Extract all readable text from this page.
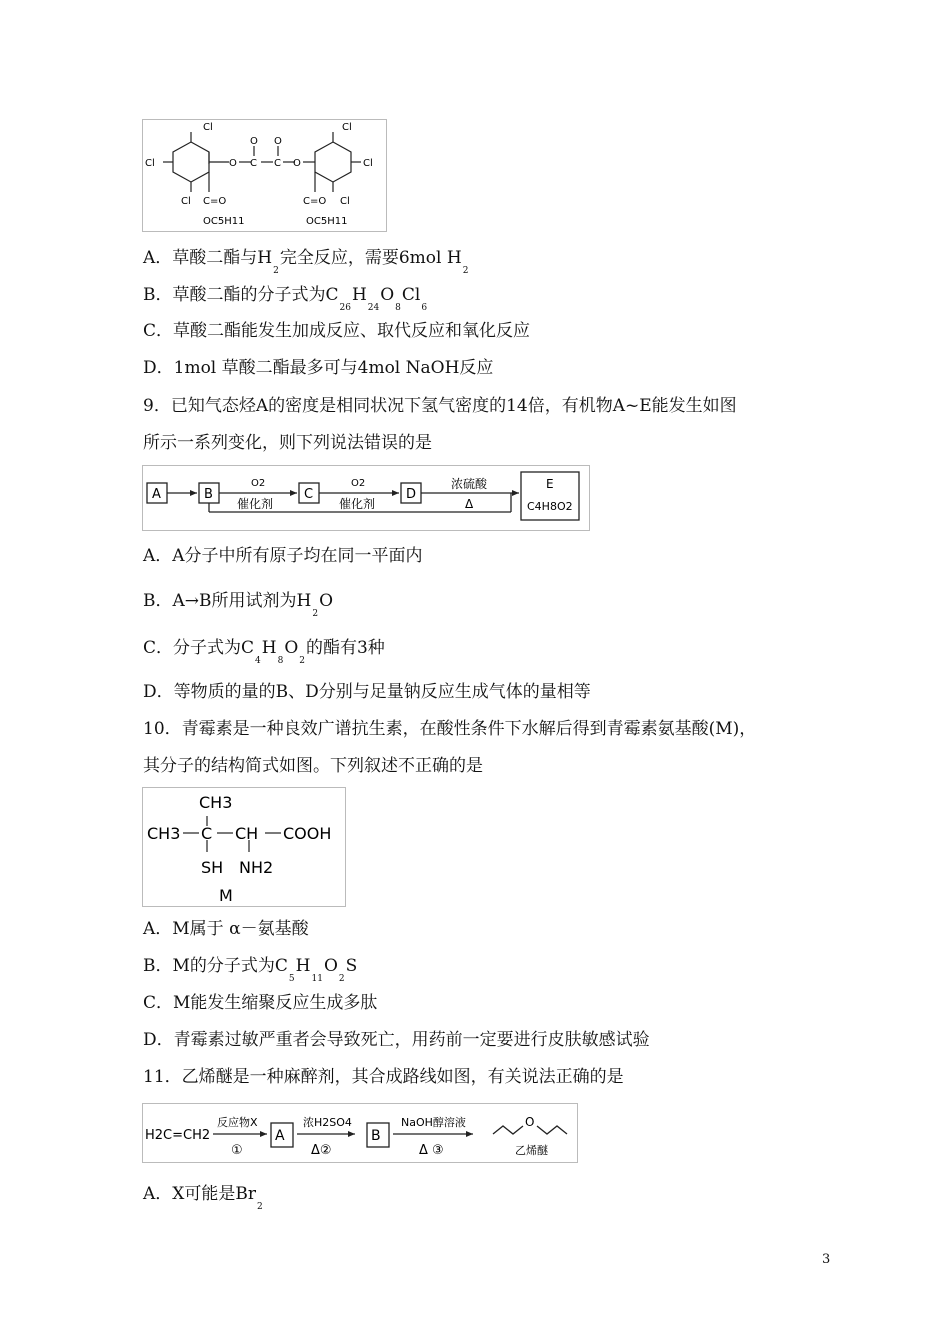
Cl
Cl
Cl
Cl
Cl
Cl
O	O
O O
C C
C=O	C=O
OC5H11	OC5H11
A．草酸二酯与$H_2$完全反应，需要6mol $H_2$
B．草酸二酯的分子式为$C_{26}H_{24}O_8Cl_6$
C．草酸二酯能发生加成反应、取代反应和氧化反应
D．1mol 草酸二酯最多可与4mol NaOH反应
9．已知气态烃A的密度是相同状况下氢气密度的14倍，有机物A~E能发生如图
所示一系列变化，则下列说法错误的是
A	B	C	D
E
C4H8O2
O2	O2
催化剂	催化剂
浓硫酸
Δ
A．A分子中所有原子均在同一平面内
B．A→B所用试剂为$H_2O$
C．分子式为$C_4H_8O_2$的酯有3种
D．等物质的量的B、D分别与足量钠反应生成气体的量相等
10．青霉素是一种良效广谱抗生素，在酸性条件下水解后得到青霉素氨基酸(M)，
其分子的结构简式如图。下列叙述不正确的是
CH3
CH3 C CH COOH
SH NH2
M
A．M属于 α－氨基酸
B．M的分子式为$C_5H_{11}O_2S$
C．M能发生缩聚反应生成多肽
D．青霉素过敏严重者会导致死亡，用药前一定要进行皮肤敏感试验
11．乙烯醚是一种麻醉剂，其合成路线如图，有关说法正确的是
H2C=CH2
反应物X
①
A
浓H2SO4
Δ②
B
NaOH醇溶液
Δ ③
O
乙烯醚
A．X可能是$Br_2$
3
